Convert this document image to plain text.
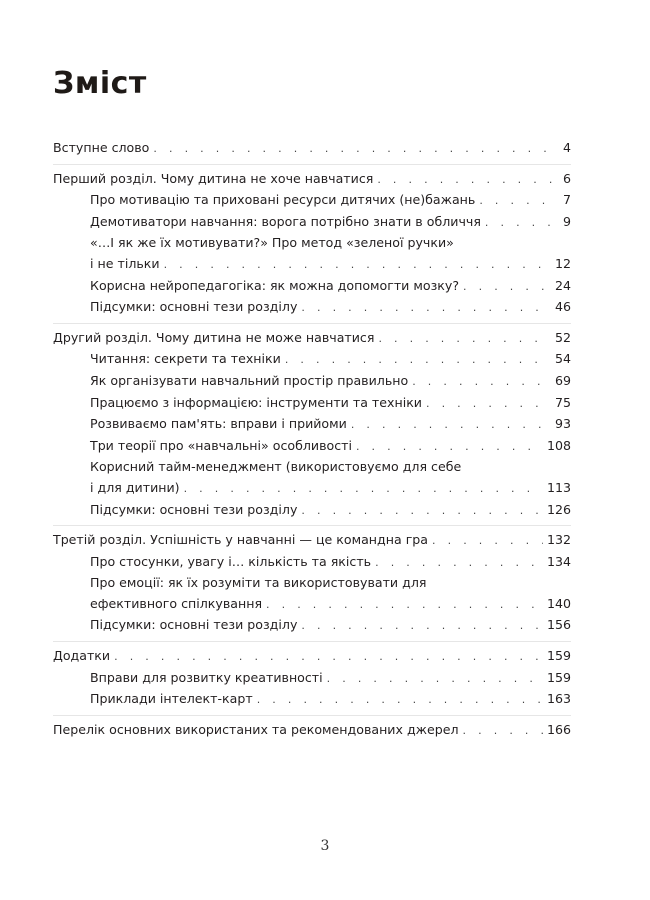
Зміст
Вступне слово . . .	4
Перший розділ. Чому дитина не хоче навчатися . . .	6
Про мотивацію та приховані ресурси дитячих (не)бажань . . .	7
Демотиватори навчання: ворога потрібно знати в обличчя . . .	9
«…І як же їх мотивувати?» Про метод «зеленої ручки»
і не тільки . . .	12
Корисна нейропедагогіка: як можна допомогти мозку? . . .	24
Підсумки: основні тези розділу . . .	46
Другий розділ. Чому дитина не може навчатися . . .	52
Читання: секрети та техніки . . .	54
Як організувати навчальний простір правильно . . .	69
Працюємо з інформацією: інструменти та техніки . . .	75
Розвиваємо пам'ять: вправи і прийоми . . .	93
Три теорії про «навчальні» особливості . . .	108
Корисний тайм-менеджмент (використовуємо для себе
і для дитини) . . .	113
Підсумки: основні тези розділу . . .	126
Третій розділ. Успішність у навчанні — це командна гра . . .	132
Про стосунки, увагу і… кількість та якість . . .	134
Про емоції: як їх розуміти та використовувати для
ефективного спілкування . . .	140
Підсумки: основні тези розділу . . .	156
Додатки . . .	159
Вправи для розвитку креативності . . .	159
Приклади інтелект-карт . . .	163
Перелік основних використаних та рекомендованих джерел . . .	166
3
